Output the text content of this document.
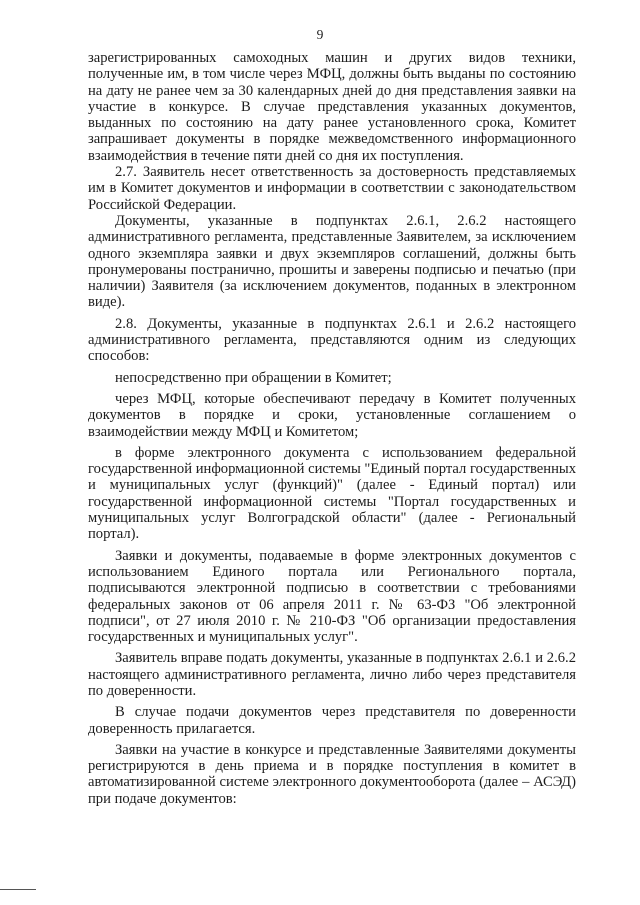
9

зарегистрированных самоходных машин и других видов техники, полученные им, в том числе через МФЦ, должны быть выданы по состоянию на дату не ранее чем за 30 календарных дней до дня представления заявки на участие в конкурсе. В случае представления указанных документов, выданных по состоянию на дату ранее установленного срока, Комитет запрашивает документы в порядке межведомственного информационного взаимодействия в течение пяти дней со дня их поступления.

2.7. Заявитель несет ответственность за достоверность представляемых им в Комитет документов и информации в соответствии с законодательством Российской Федерации.

Документы, указанные в подпунктах 2.6.1, 2.6.2 настоящего административного регламента, представленные Заявителем, за исключением одного экземпляра заявки и двух экземпляров соглашений, должны быть пронумерованы постранично, прошиты и заверены подписью и печатью (при наличии) Заявителя (за исключением документов, поданных в электронном виде).

2.8. Документы, указанные в подпунктах 2.6.1 и 2.6.2 настоящего административного регламента, представляются одним из следующих способов:

непосредственно при обращении в Комитет;

через МФЦ, которые обеспечивают передачу в Комитет полученных документов в порядке и сроки, установленные соглашением о взаимодействии между МФЦ и Комитетом;

в форме электронного документа с использованием федеральной государственной информационной системы "Единый портал государственных и муниципальных услуг (функций)" (далее - Единый портал) или государственной информационной системы "Портал государственных и муниципальных услуг Волгоградской области" (далее - Региональный портал).

Заявки и документы, подаваемые в форме электронных документов с использованием Единого портала или Регионального портала, подписываются электронной подписью в соответствии с требованиями федеральных законов от 06 апреля 2011 г. № 63-ФЗ "Об электронной подписи", от 27 июля 2010 г. № 210-ФЗ "Об организации предоставления государственных и муниципальных услуг".

Заявитель вправе подать документы, указанные в подпунктах 2.6.1 и 2.6.2 настоящего административного регламента, лично либо через представителя по доверенности.

В случае подачи документов через представителя по доверенности доверенность прилагается.

Заявки на участие в конкурсе и представленные Заявителями документы регистрируются в день приема и в порядке поступления в комитет в автоматизированной системе электронного документооборота (далее – АСЭД) при подаче документов:
